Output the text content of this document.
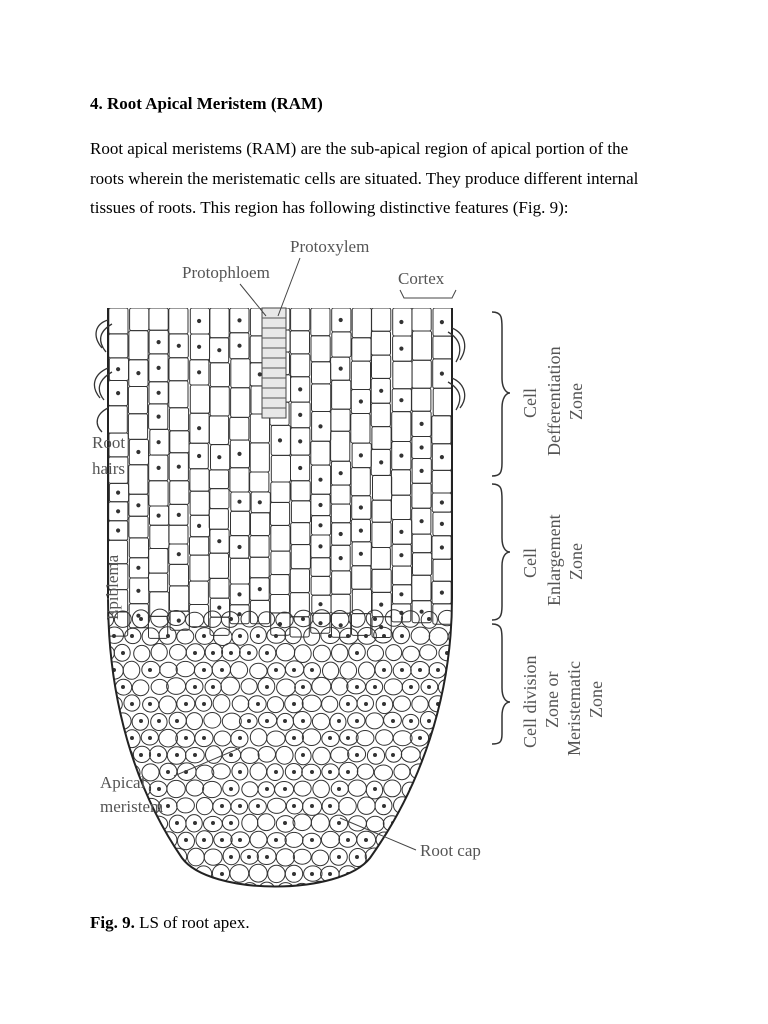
4. Root Apical Meristem (RAM)
Root apical meristems (RAM) are the sub-apical region of apical portion of the
roots wherein the meristematic cells are situated. They produce different internal
tissues of roots. This region has following distinctive features (Fig. 9):
Protoxylem
Protophloem	Cortex
Root
hairs
Epiblema
Apical
meristem
Root cap
Cell Defferentiation Zone
Cell Enlargement Zone
Cell division Zone or Meristematic Zone

Fig. 9. LS of root apex.
